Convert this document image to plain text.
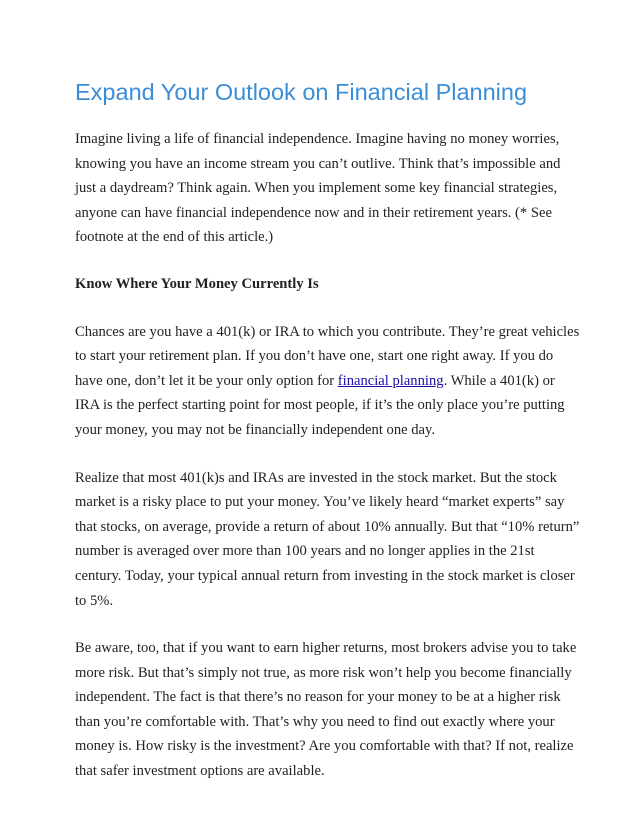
Expand Your Outlook on Financial Planning

Imagine living a life of financial independence. Imagine having no money worries, knowing you have an income stream you can’t outlive. Think that’s impossible and just a daydream? Think again. When you implement some key financial strategies, anyone can have financial independence now and in their retirement years. (* See footnote at the end of this article.)

Know Where Your Money Currently Is

Chances are you have a 401(k) or IRA to which you contribute. They’re great vehicles to start your retirement plan. If you don’t have one, start one right away. If you do have one, don’t let it be your only option for financial planning. While a 401(k) or IRA is the perfect starting point for most people, if it’s the only place you’re putting your money, you may not be financially independent one day.

Realize that most 401(k)s and IRAs are invested in the stock market. But the stock market is a risky place to put your money. You’ve likely heard “market experts” say that stocks, on average, provide a return of about 10% annually. But that “10% return” number is averaged over more than 100 years and no longer applies in the 21st century. Today, your typical annual return from investing in the stock market is closer to 5%.

Be aware, too, that if you want to earn higher returns, most brokers advise you to take more risk. But that’s simply not true, as more risk won’t help you become financially independent. The fact is that there’s no reason for your money to be at a higher risk than you’re comfortable with. That’s why you need to find out exactly where your money is. How risky is the investment? Are you comfortable with that? If not, realize that safer investment options are available.
